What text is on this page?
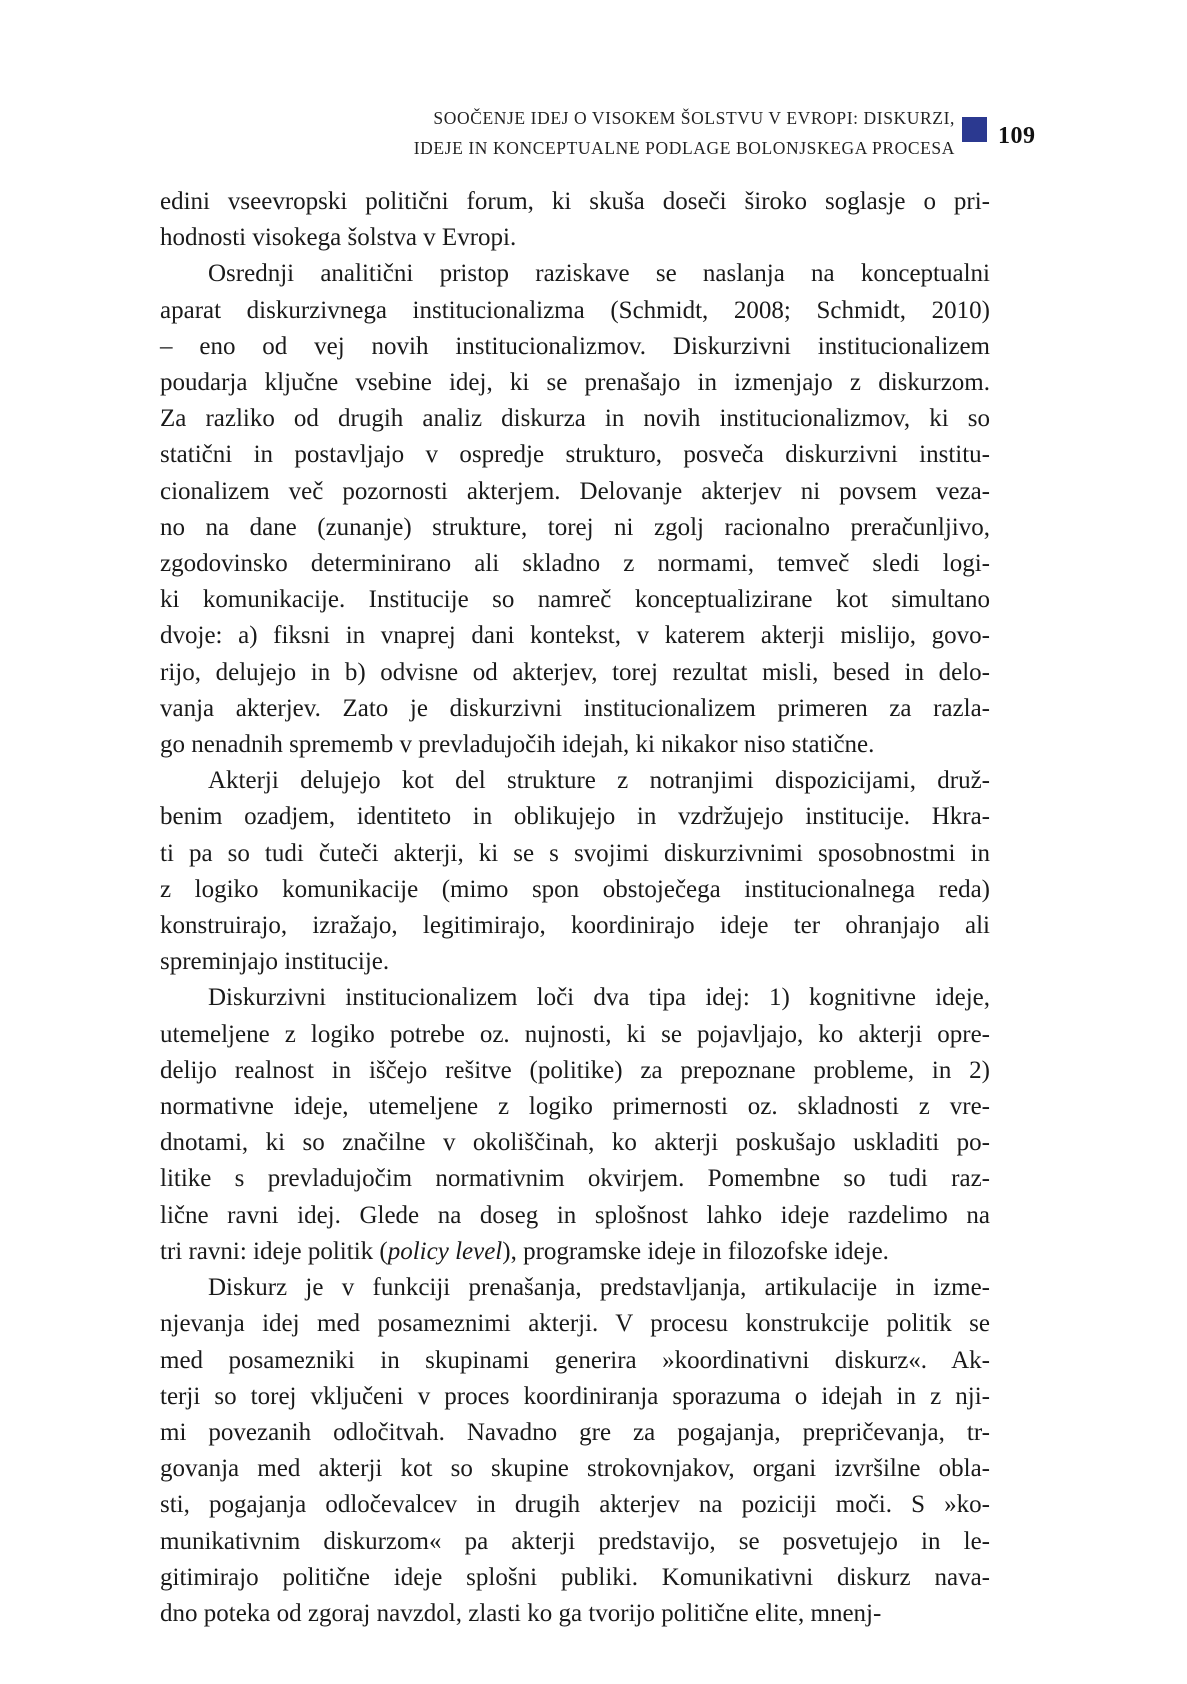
SOOČENJE IDEJ O VISOKEM ŠOLSTVU V EVROPI: DISKURZI,
IDEJE IN KONCEPTUALNE PODLAGE BOLONJSKEGA PROCESA 109

edini vseevropski politični forum, ki skuša doseči široko soglasje o pri-
hodnosti visokega šolstva v Evropi.

Osrednji analitični pristop raziskave se naslanja na konceptualni
aparat diskurzivnega institucionalizma (Schmidt, 2008; Schmidt, 2010)
– eno od vej novih institucionalizmov. Diskurzivni institucionalizem
poudarja ključne vsebine idej, ki se prenašajo in izmenjajo z diskurzom.
Za razliko od drugih analiz diskurza in novih institucionalizmov, ki so
statični in postavljajo v ospredje strukturo, posveča diskurzivni institu-
cionalizem več pozornosti akterjem. Delovanje akterjev ni povsem veza-
no na dane (zunanje) strukture, torej ni zgolj racionalno preračunljivo,
zgodovinsko determinirano ali skladno z normami, temveč sledi logi-
ki komunikacije. Institucije so namreč konceptualizirane kot simultano
dvoje: a) fiksni in vnaprej dani kontekst, v katerem akterji mislijo, govo-
rijo, delujejo in b) odvisne od akterjev, torej rezultat misli, besed in delo-
vanja akterjev. Zato je diskurzivni institucionalizem primeren za razla-
go nenadnih sprememb v prevladujočih idejah, ki nikakor niso statične.

Akterji delujejo kot del strukture z notranjimi dispozicijami, druž-
benim ozadjem, identiteto in oblikujejo in vzdržujejo institucije. Hkra-
ti pa so tudi čuteči akterji, ki se s svojimi diskurzivnimi sposobnostmi in
z logiko komunikacije (mimo spon obstoječega institucionalnega reda)
konstruirajo, izražajo, legitimirajo, koordinirajo ideje ter ohranjajo ali
spreminjajo institucije.

Diskurzivni institucionalizem loči dva tipa idej: 1) kognitivne ideje,
utemeljene z logiko potrebe oz. nujnosti, ki se pojavljajo, ko akterji opre-
delijo realnost in iščejo rešitve (politike) za prepoznane probleme, in 2)
normativne ideje, utemeljene z logiko primernosti oz. skladnosti z vre-
dnotami, ki so značilne v okoliščinah, ko akterji poskušajo uskladiti po-
litike s prevladujočim normativnim okvirjem. Pomembne so tudi raz-
lične ravni idej. Glede na doseg in splošnost lahko ideje razdelimo na
tri ravni: ideje politik (policy level), programske ideje in filozofske ideje.

Diskurz je v funkciji prenašanja, predstavljanja, artikulacije in izme-
njevanja idej med posameznimi akterji. V procesu konstrukcije politik se
med posamezniki in skupinami generira »koordinativni diskurz«. Ak-
terji so torej vključeni v proces koordiniranja sporazuma o idejah in z nji-
mi povezanih odločitvah. Navadno gre za pogajanja, prepričevanja, tr-
govanja med akterji kot so skupine strokovnjakov, organi izvršilne obla-
sti, pogajanja odločevalcev in drugih akterjev na poziciji moči. S »ko-
munikativnim diskurzom« pa akterji predstavijo, se posvetujejo in le-
gitimirajo politične ideje splošni publiki. Komunikativni diskurz nava-
dno poteka od zgoraj navzdol, zlasti ko ga tvorijo politične elite, mnenj-
